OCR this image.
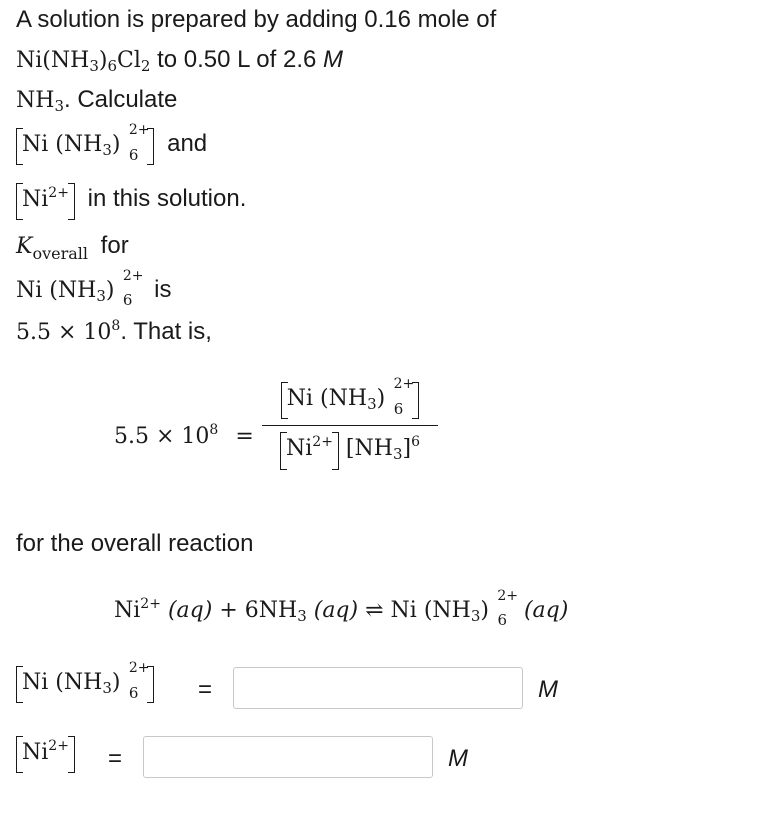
A solution is prepared by adding 0.16 mole of
$Ni(NH_3)_6Cl_2$ to 0.50 L of 2.6 M
$NH_3$. Calculate
Ni $(NH_3)$ 6
2+ and
$Ni^{2+}$ in this solution.
$K_{overall}$ for
Ni $(NH_3)$ 6
2+ is
$5.5 \times 10^8$. That is,
$5.5 \times 10^8 = Ni$ $(NH_3)$ 6
2+

$Ni^{2+}$ $[NH_3]^6$
for the overall reaction
$Ni^{2+}$ $(aq) + 6NH_3$ (aq) ⇌ Ni $(NH_3)$ 6
2+
(aq)
Ni $(NH_3)$ 6
2+

=	M
$Ni^{2+}$ =	M
